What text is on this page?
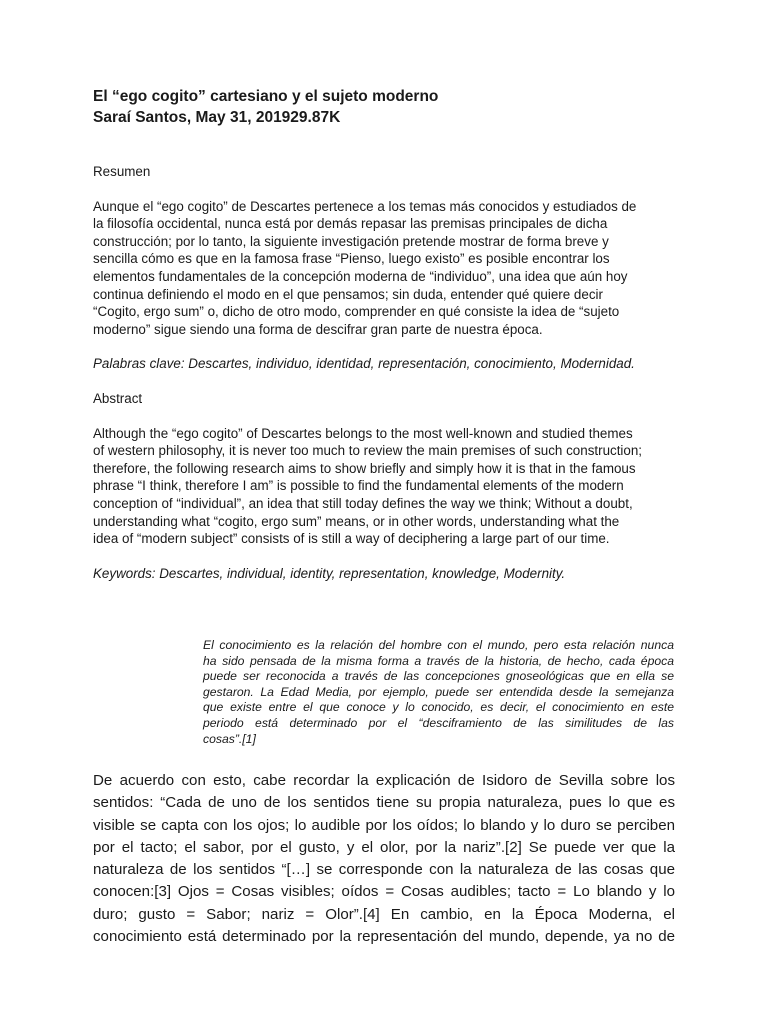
El “ego cogito” cartesiano y el sujeto moderno
Saraí Santos, May 31, 201929.87K

Resumen

Aunque el “ego cogito” de Descartes pertenece a los temas más conocidos y estudiados de
la filosofía occidental, nunca está por demás repasar las premisas principales de dicha
construcción; por lo tanto, la siguiente investigación pretende mostrar de forma breve y
sencilla cómo es que en la famosa frase “Pienso, luego existo” es posible encontrar los
elementos fundamentales de la concepción moderna de “individuo”, una idea que aún hoy
continua definiendo el modo en el que pensamos; sin duda, entender qué quiere decir
“Cogito, ergo sum” o, dicho de otro modo, comprender en qué consiste la idea de “sujeto
moderno” sigue siendo una forma de descifrar gran parte de nuestra época.

Palabras clave: Descartes, individuo, identidad, representación, conocimiento, Modernidad.

Abstract

Although the “ego cogito” of Descartes belongs to the most well-known and studied themes
of western philosophy, it is never too much to review the main premises of such construction;
therefore, the following research aims to show briefly and simply how it is that in the famous
phrase “I think, therefore I am” is possible to find the fundamental elements of the modern
conception of “individual”, an idea that still today defines the way we think; Without a doubt,
understanding what “cogito, ergo sum” means, or in other words, understanding what the
idea of “modern subject” consists of is still a way of deciphering a large part of our time.

Keywords: Descartes, individual, identity, representation, knowledge, Modernity.

El conocimiento es la relación del hombre con el mundo, pero esta relación nunca
ha sido pensada de la misma forma a través de la historia, de hecho, cada época
puede ser reconocida a través de las concepciones gnoseológicas que en ella se
gestaron. La Edad Media, por ejemplo, puede ser entendida desde la semejanza
que existe entre el que conoce y lo conocido, es decir, el conocimiento en este
periodo está determinado por el “desciframiento de las similitudes de las
cosas”.[1]
De acuerdo con esto, cabe recordar la explicación de Isidoro de Sevilla sobre los
sentidos: “Cada de uno de los sentidos tiene su propia naturaleza, pues lo que es
visible se capta con los ojos; lo audible por los oídos; lo blando y lo duro se perciben
por el tacto; el sabor, por el gusto, y el olor, por la nariz”.[2] Se puede ver que la
naturaleza de los sentidos “[…] se corresponde con la naturaleza de las cosas que
conocen:[3] Ojos = Cosas visibles; oídos = Cosas audibles; tacto = Lo blando y lo
duro; gusto = Sabor; nariz = Olor”.[4] En cambio, en la Época Moderna, el
conocimiento está determinado por la representación del mundo, depende, ya no de
